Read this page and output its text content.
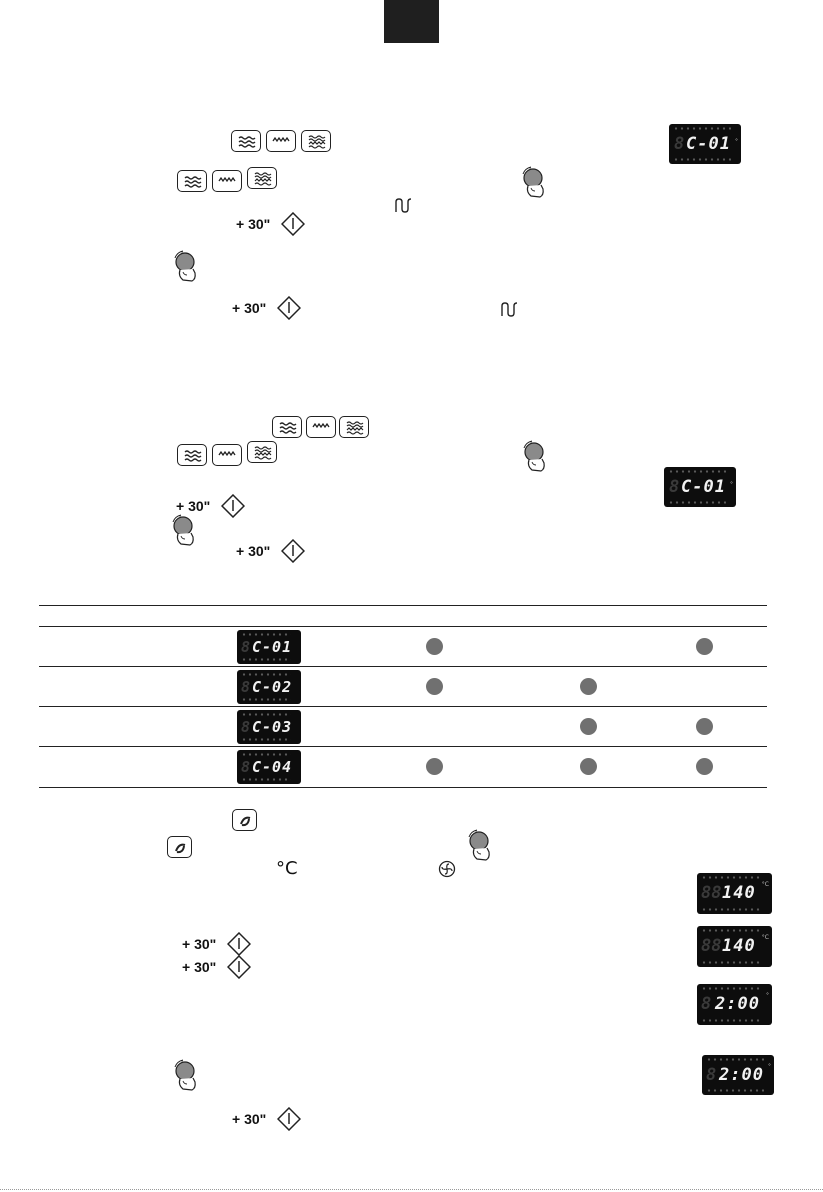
+ 30"
+ 30"
8 C-01 °
8 C-01 °
+ 30"
+ 30"
8 C-01
8 C-02
8 C-03
8 C-04
°C
88 140 °C
+ 30"
+ 30"
88 140 °C
8 2:00 °
8 2:00 °
+ 30"
